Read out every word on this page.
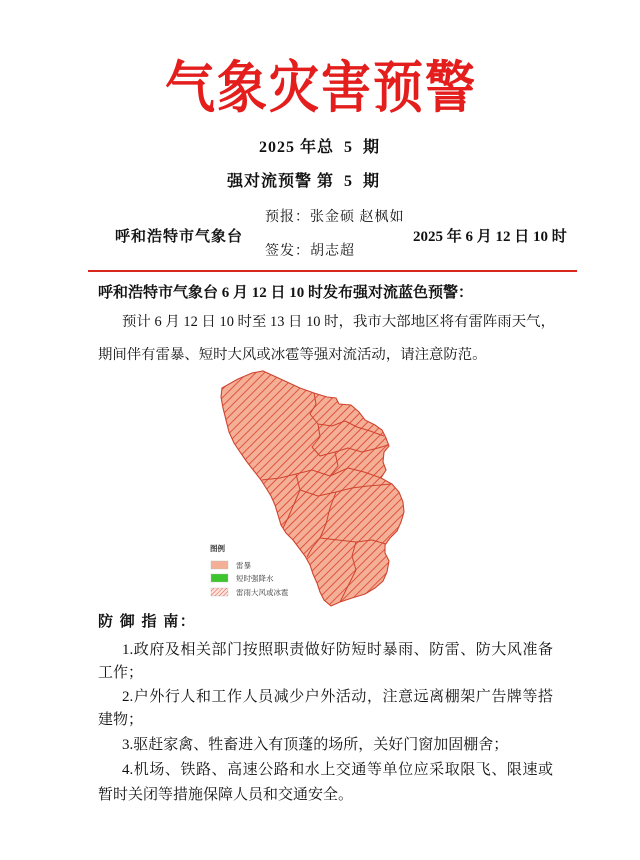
气象灾害预警
2025 年总  5  期
强对流预警 第  5  期
呼和浩特市气象台
预报：张金硕 赵枫如
签发：胡志超
2025 年 6 月 12 日 10 时
呼和浩特市气象台 6 月 12 日 10 时发布强对流蓝色预警：
预计 6 月 12 日 10 时至 13 日 10 时，我市大部地区将有雷阵雨天气，
期间伴有雷暴、短时大风或冰雹等强对流活动，请注意防范。
图例
雷暴
短时强降水
雷雨大风或冰雹
防 御 指 南：
1.政府及相关部门按照职责做好防短时暴雨、防雷、防大风准备
工作；
2.户外行人和工作人员减少户外活动，注意远离棚架广告牌等搭
建物；
3.驱赶家禽、牲畜进入有顶蓬的场所，关好门窗加固棚舍；
4.机场、铁路、高速公路和水上交通等单位应采取限飞、限速或
暂时关闭等措施保障人员和交通安全。
